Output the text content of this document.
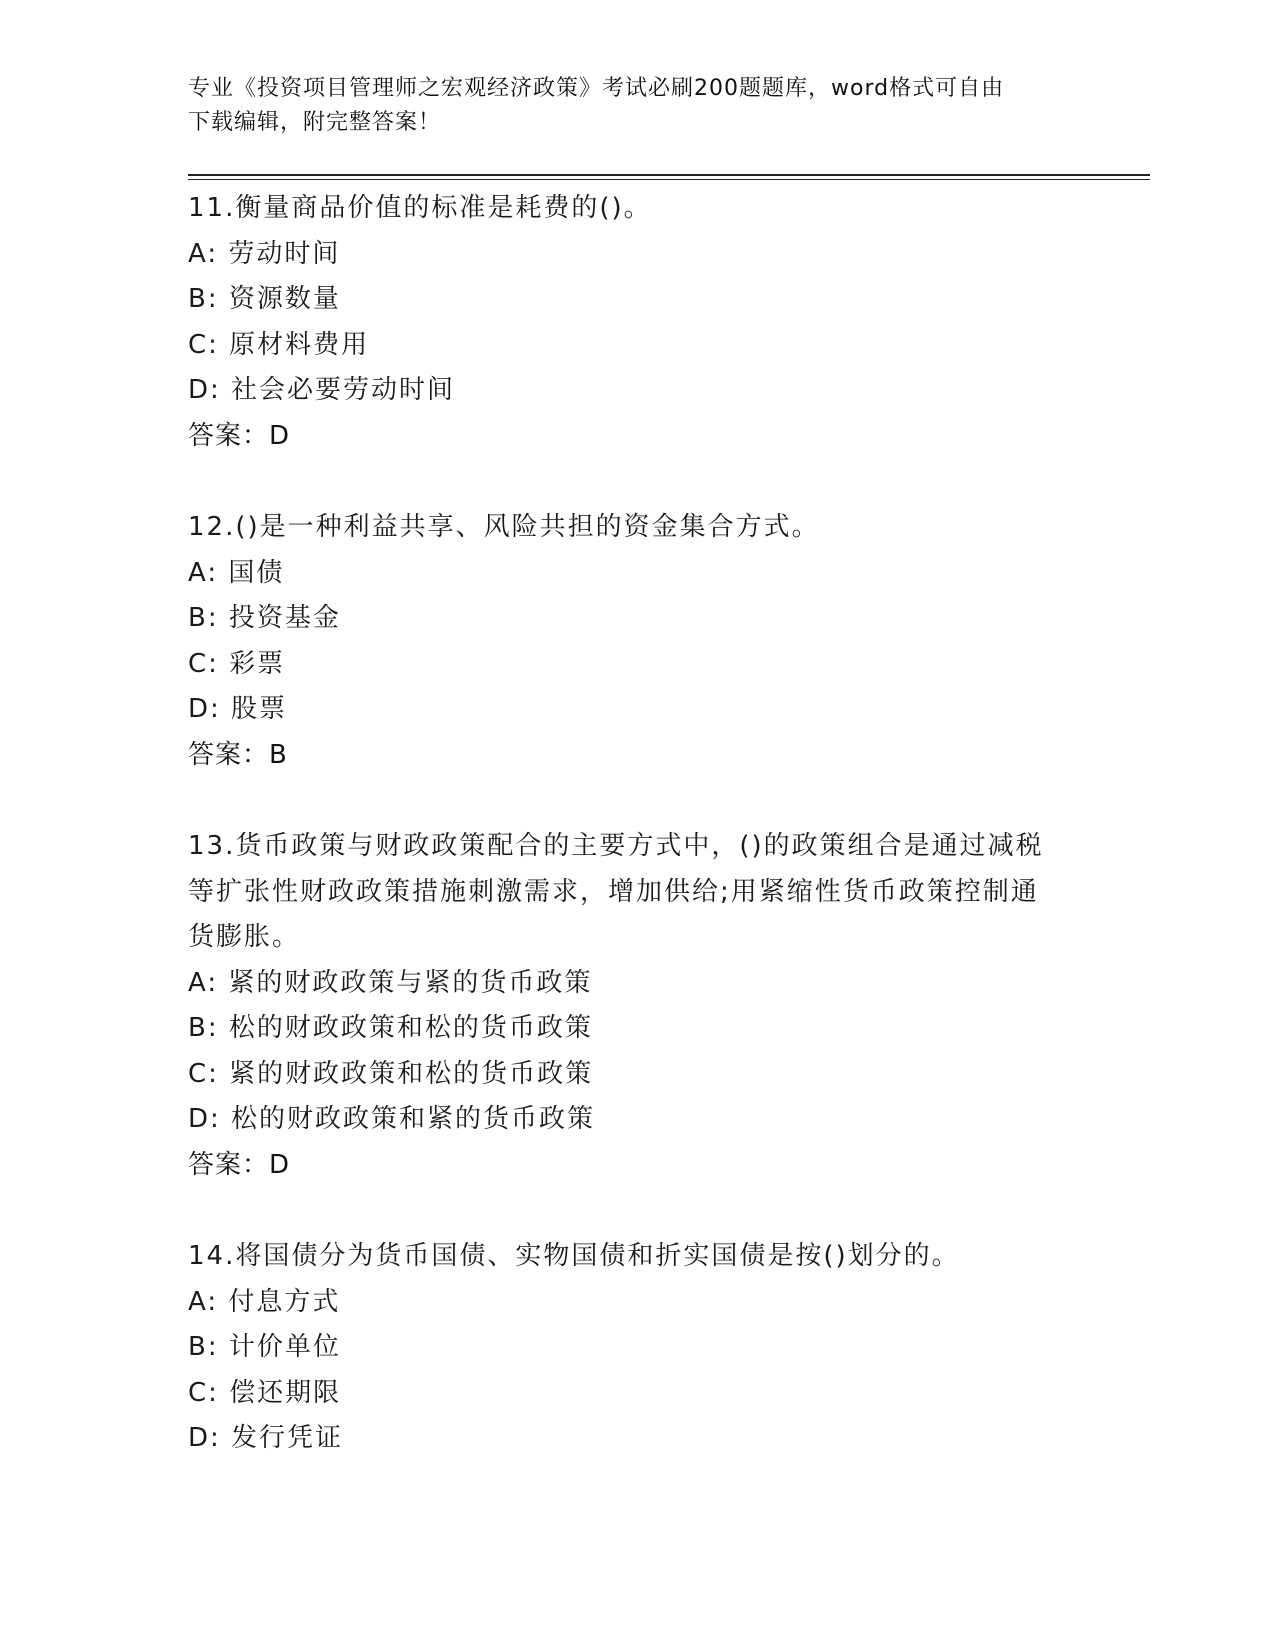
专业《投资项目管理师之宏观经济政策》考试必刷200题题库，word格式可自由
下载编辑，附完整答案！
11.衡量商品价值的标准是耗费的()。
A: 劳动时间
B: 资源数量
C: 原材料费用
D: 社会必要劳动时间
答案：D
12.()是一种利益共享、风险共担的资金集合方式。
A: 国债
B: 投资基金
C: 彩票
D: 股票
答案：B
13.货币政策与财政政策配合的主要方式中，()的政策组合是通过减税
等扩张性财政政策措施刺激需求，增加供给;用紧缩性货币政策控制通
货膨胀。
A: 紧的财政政策与紧的货币政策
B: 松的财政政策和松的货币政策
C: 紧的财政政策和松的货币政策
D: 松的财政政策和紧的货币政策
答案：D
14.将国债分为货币国债、实物国债和折实国债是按()划分的。
A: 付息方式
B: 计价单位
C: 偿还期限
D: 发行凭证
